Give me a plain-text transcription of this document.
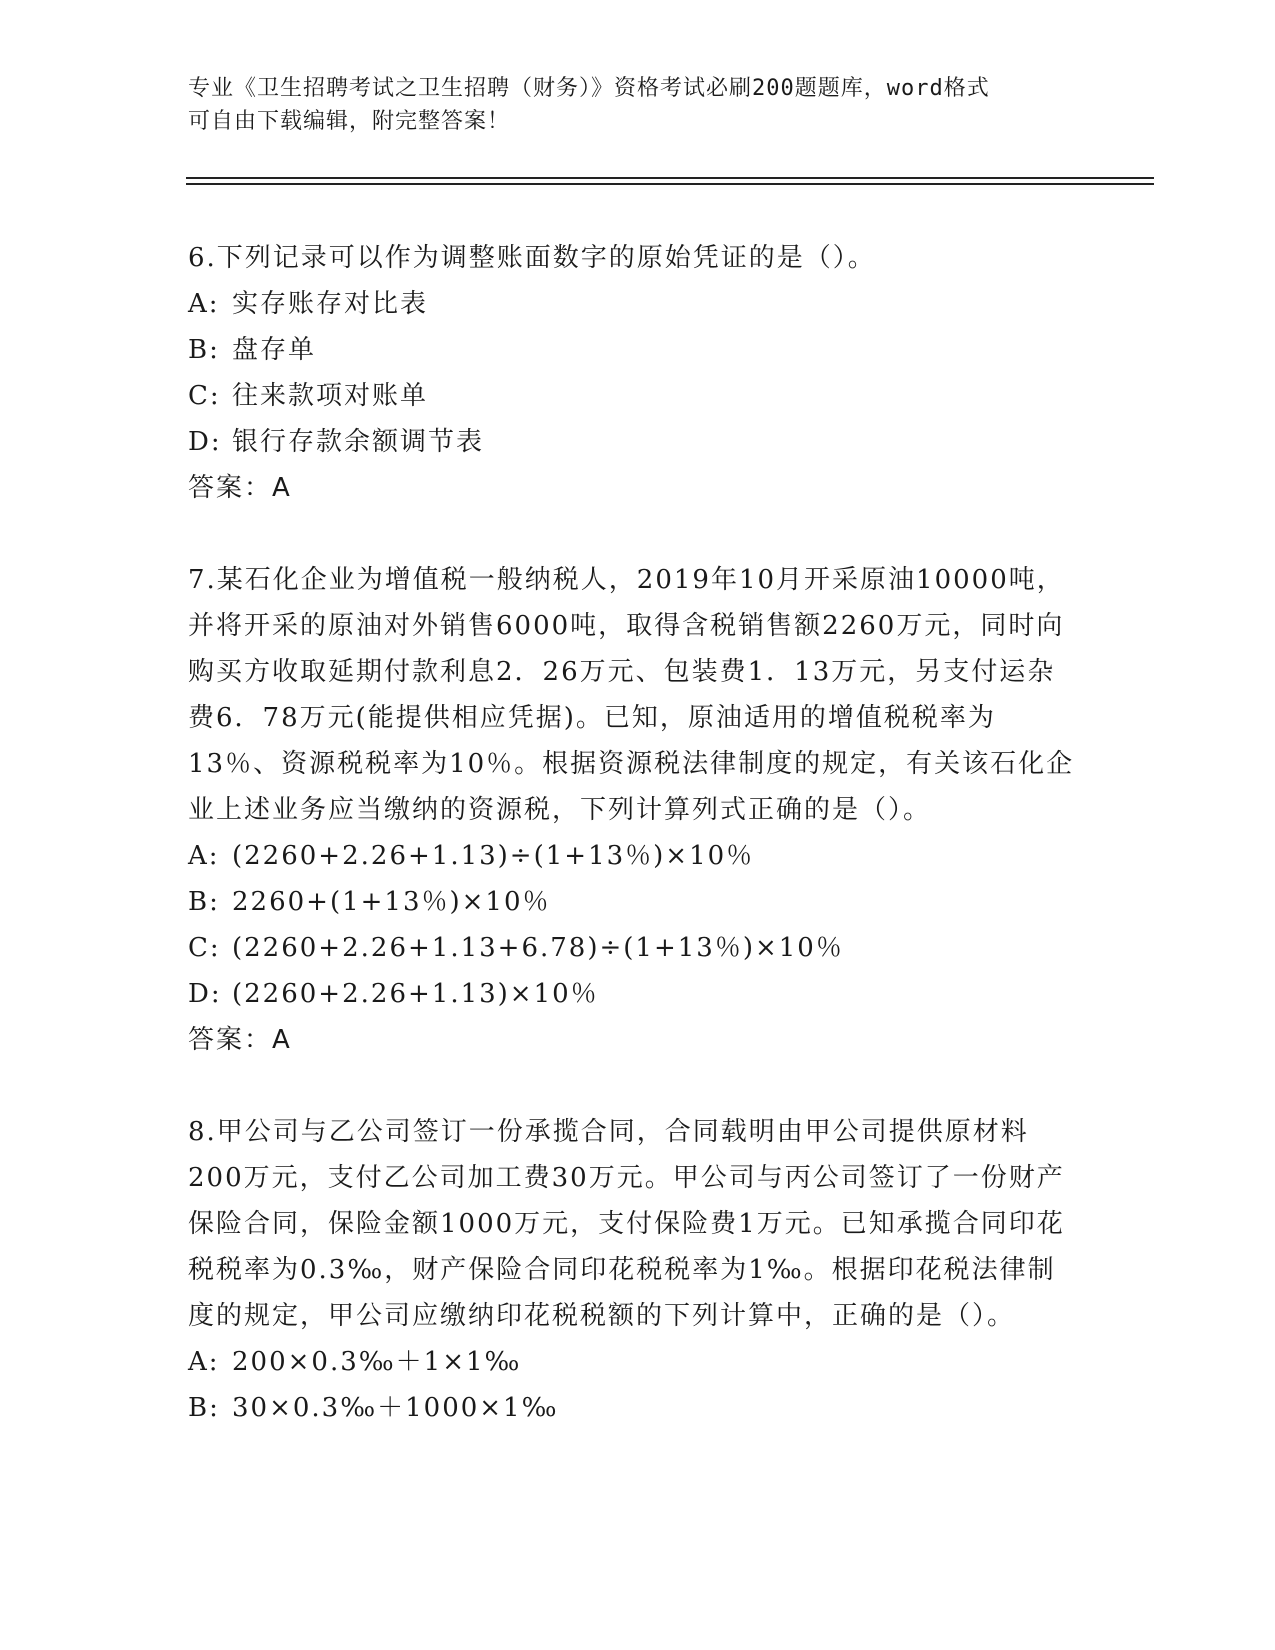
专业《卫生招聘考试之卫生招聘（财务）》资格考试必刷200题题库，word格式
可自由下载编辑，附完整答案！
6.下列记录可以作为调整账面数字的原始凭证的是（）。
A: 实存账存对比表
B: 盘存单
C: 往来款项对账单
D: 银行存款余额调节表
答案：A
7.某石化企业为增值税一般纳税人，2019年10月开采原油10000吨，并将开采的原油对外销售6000吨，取得含税销售额2260万元，同时向购买方收取延期付款利息2．26万元、包装费1．13万元，另支付运杂费6．78万元(能提供相应凭据)。已知，原油适用的增值税税率为13％、资源税税率为10％。根据资源税法律制度的规定，有关该石化企业上述业务应当缴纳的资源税，下列计算列式正确的是（）。
A: (2260+2.26+1.13)÷(1+13％)×10％
B: 2260+(1+13％)×10％
C: (2260+2.26+1.13+6.78)÷(1+13％)×10％
D: (2260+2.26+1.13)×10％
答案：A
8.甲公司与乙公司签订一份承揽合同，合同载明由甲公司提供原材料200万元，支付乙公司加工费30万元。甲公司与丙公司签订了一份财产保险合同，保险金额1000万元，支付保险费1万元。已知承揽合同印花税税率为0.3‰，财产保险合同印花税税率为1‰。根据印花税法律制度的规定，甲公司应缴纳印花税税额的下列计算中，正确的是（）。
A: 200×0.3‰＋1×1‰
B: 30×0.3‰＋1000×1‰
